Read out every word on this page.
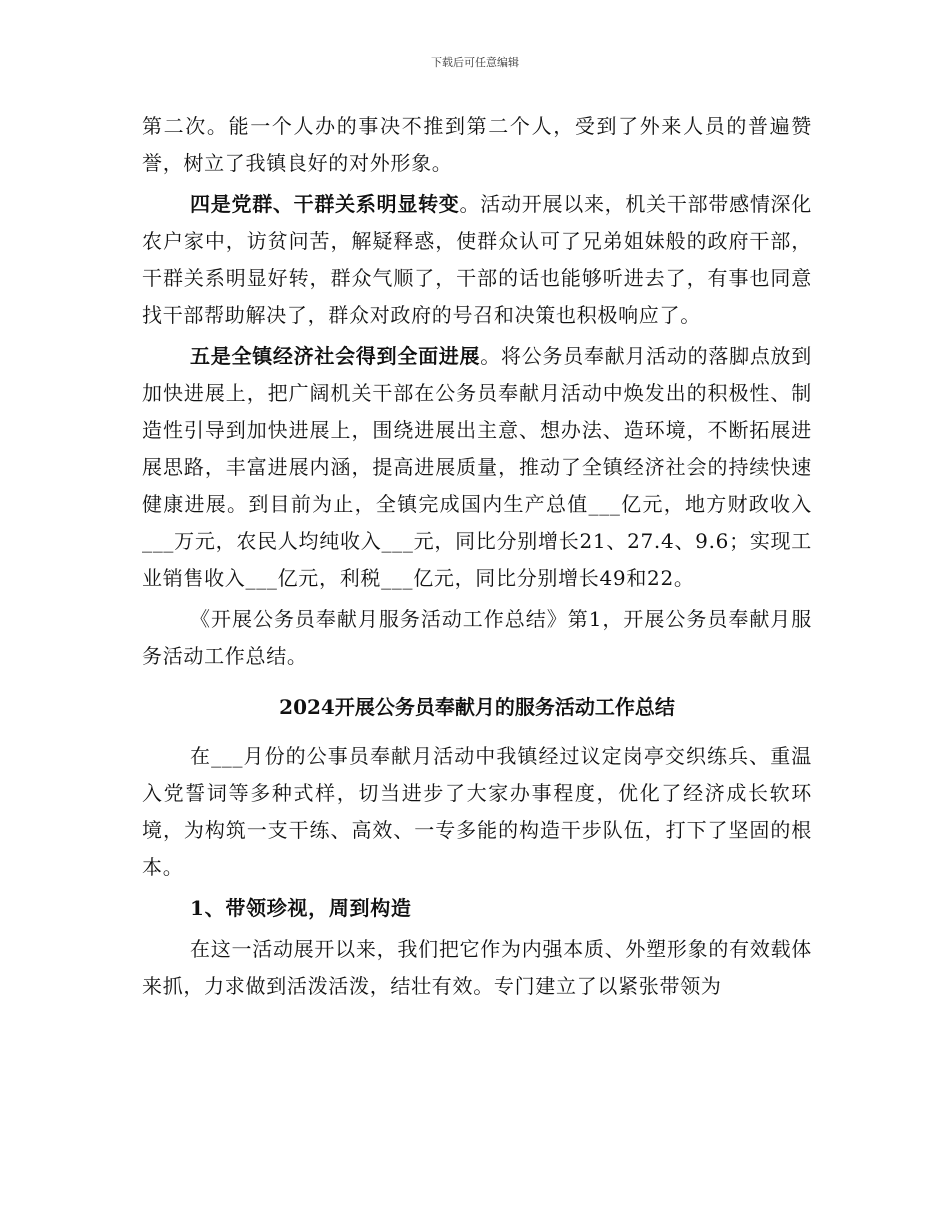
下载后可任意编辑

第二次。能一个人办的事决不推到第二个人，受到了外来人员的普遍赞誉，树立了我镇良好的对外形象。

四是党群、干群关系明显转变。活动开展以来，机关干部带感情深化农户家中，访贫问苦，解疑释惑，使群众认可了兄弟姐妹般的政府干部，干群关系明显好转，群众气顺了，干部的话也能够听进去了，有事也同意找干部帮助解决了，群众对政府的号召和决策也积极响应了。

五是全镇经济社会得到全面进展。将公务员奉献月活动的落脚点放到加快进展上，把广阔机关干部在公务员奉献月活动中焕发出的积极性、制造性引导到加快进展上，围绕进展出主意、想办法、造环境，不断拓展进展思路，丰富进展内涵，提高进展质量，推动了全镇经济社会的持续快速健康进展。到目前为止，全镇完成国内生产总值___亿元，地方财政收入___万元，农民人均纯收入___元，同比分别增长21、27.4、9.6；实现工业销售收入___亿元，利税___亿元，同比分别增长49和22。

《开展公务员奉献月服务活动工作总结》第1，开展公务员奉献月服务活动工作总结。

2024开展公务员奉献月的服务活动工作总结

在___月份的公事员奉献月活动中我镇经过议定岗亭交织练兵、重温入党誓词等多种式样，切当进步了大家办事程度，优化了经济成长软环境，为构筑一支干练、高效、一专多能的构造干步队伍，打下了坚固的根本。

1、带领珍视，周到构造

在这一活动展开以来，我们把它作为内强本质、外塑形象的有效载体来抓，力求做到活泼活泼，结壮有效。专门建立了以紧张带领为
